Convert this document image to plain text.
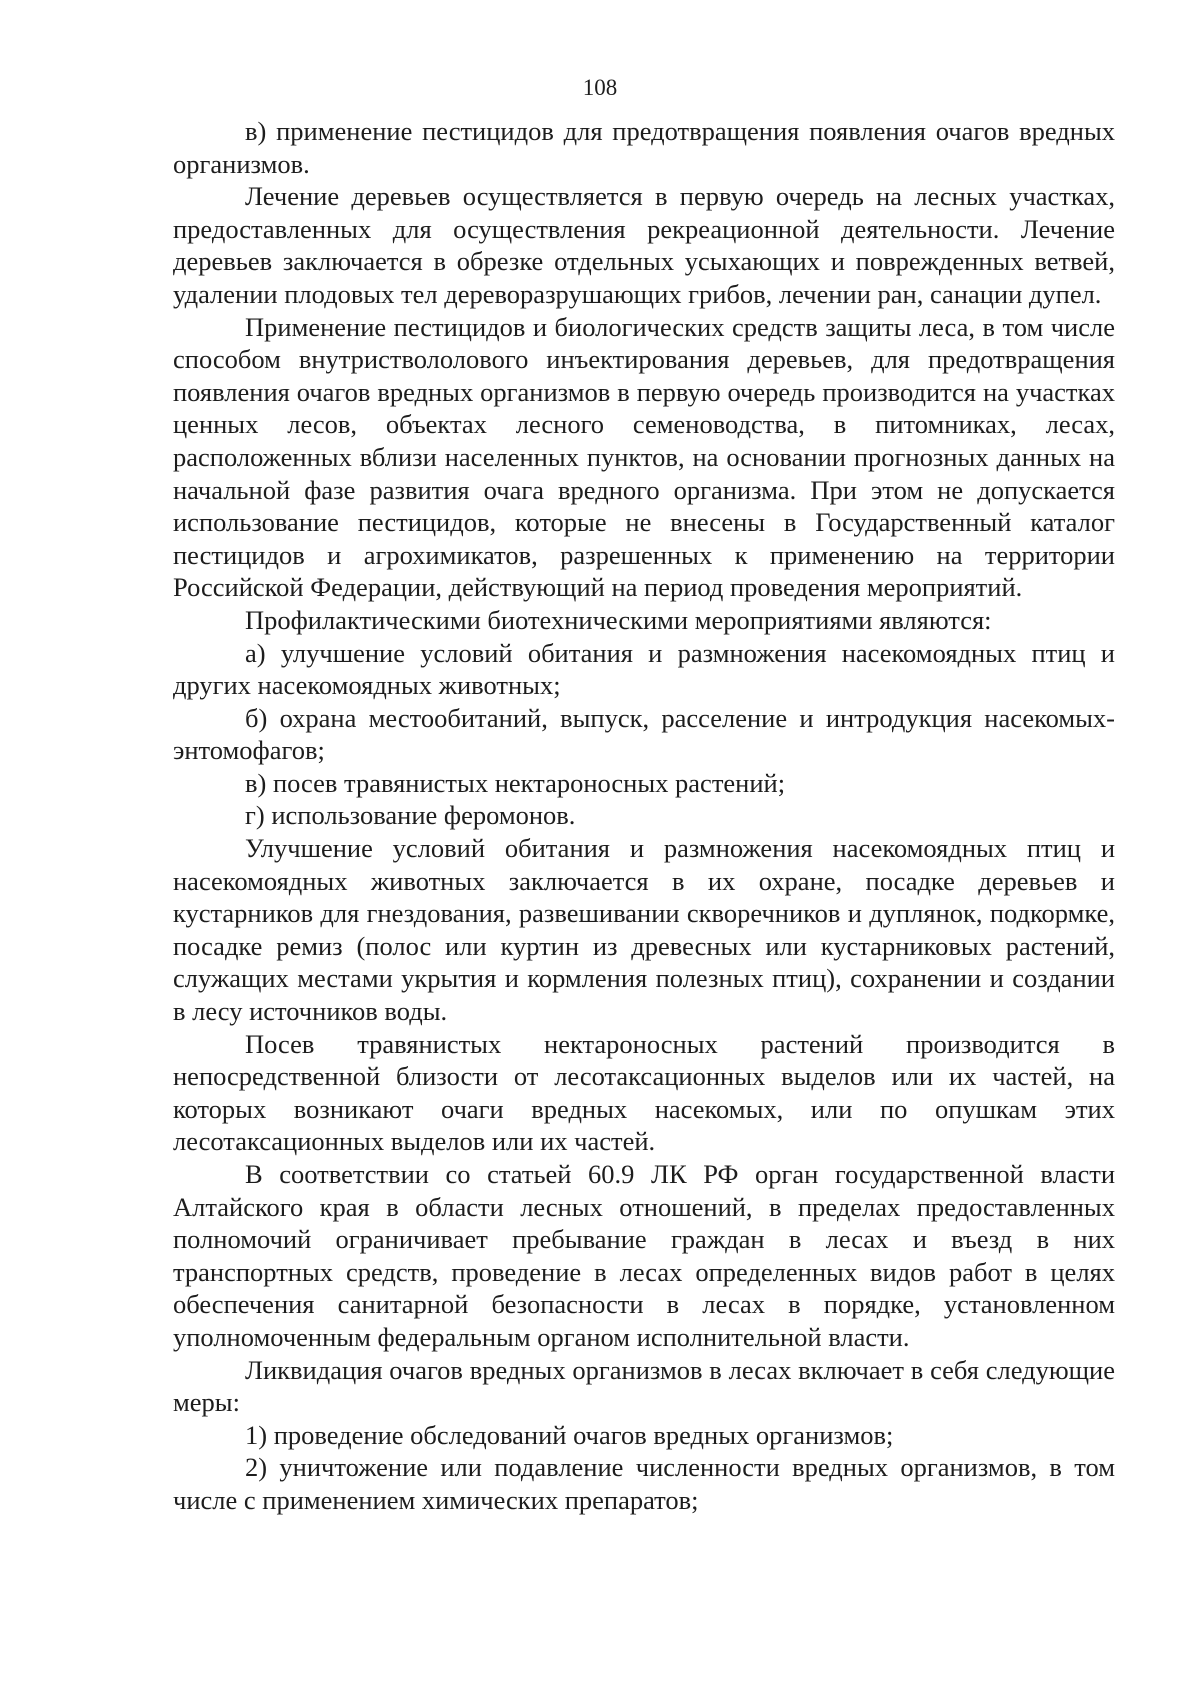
108

в) применение пестицидов для предотвращения появления очагов вредных организмов.

Лечение деревьев осуществляется в первую очередь на лесных участках, предоставленных для осуществления рекреационной деятельности. Лечение деревьев заключается в обрезке отдельных усыхающих и поврежденных ветвей, удалении плодовых тел дереворазрушающих грибов, лечении ран, санации дупел.

Применение пестицидов и биологических средств защиты леса, в том числе способом внутриствололового инъектирования деревьев, для предотвращения появления очагов вредных организмов в первую очередь производится на участках ценных лесов, объектах лесного семеноводства, в питомниках, лесах, расположенных вблизи населенных пунктов, на основании прогнозных данных на начальной фазе развития очага вредного организма. При этом не допускается использование пестицидов, которые не внесены в Государственный каталог пестицидов и агрохимикатов, разрешенных к применению на территории Российской Федерации, действующий на период проведения мероприятий.

Профилактическими биотехническими мероприятиями являются:

а) улучшение условий обитания и размножения насекомоядных птиц и других насекомоядных животных;

б) охрана местообитаний, выпуск, расселение и интродукция насекомых-энтомофагов;

в) посев травянистых нектароносных растений;

г) использование феромонов.

Улучшение условий обитания и размножения насекомоядных птиц и насекомоядных животных заключается в их охране, посадке деревьев и кустарников для гнездования, развешивании скворечников и дуплянок, подкормке, посадке ремиз (полос или куртин из древесных или кустарниковых растений, служащих местами укрытия и кормления полезных птиц), сохранении и создании в лесу источников воды.

Посев травянистых нектароносных растений производится в непосредственной близости от лесотаксационных выделов или их частей, на которых возникают очаги вредных насекомых, или по опушкам этих лесотаксационных выделов или их частей.

В соответствии со статьей 60.9 ЛК РФ орган государственной власти Алтайского края в области лесных отношений, в пределах предоставленных полномочий ограничивает пребывание граждан в лесах и въезд в них транспортных средств, проведение в лесах определенных видов работ в целях обеспечения санитарной безопасности в лесах в порядке, установленном уполномоченным федеральным органом исполнительной власти.

Ликвидация очагов вредных организмов в лесах включает в себя следующие меры:

1) проведение обследований очагов вредных организмов;

2) уничтожение или подавление численности вредных организмов, в том числе с применением химических препаратов;
